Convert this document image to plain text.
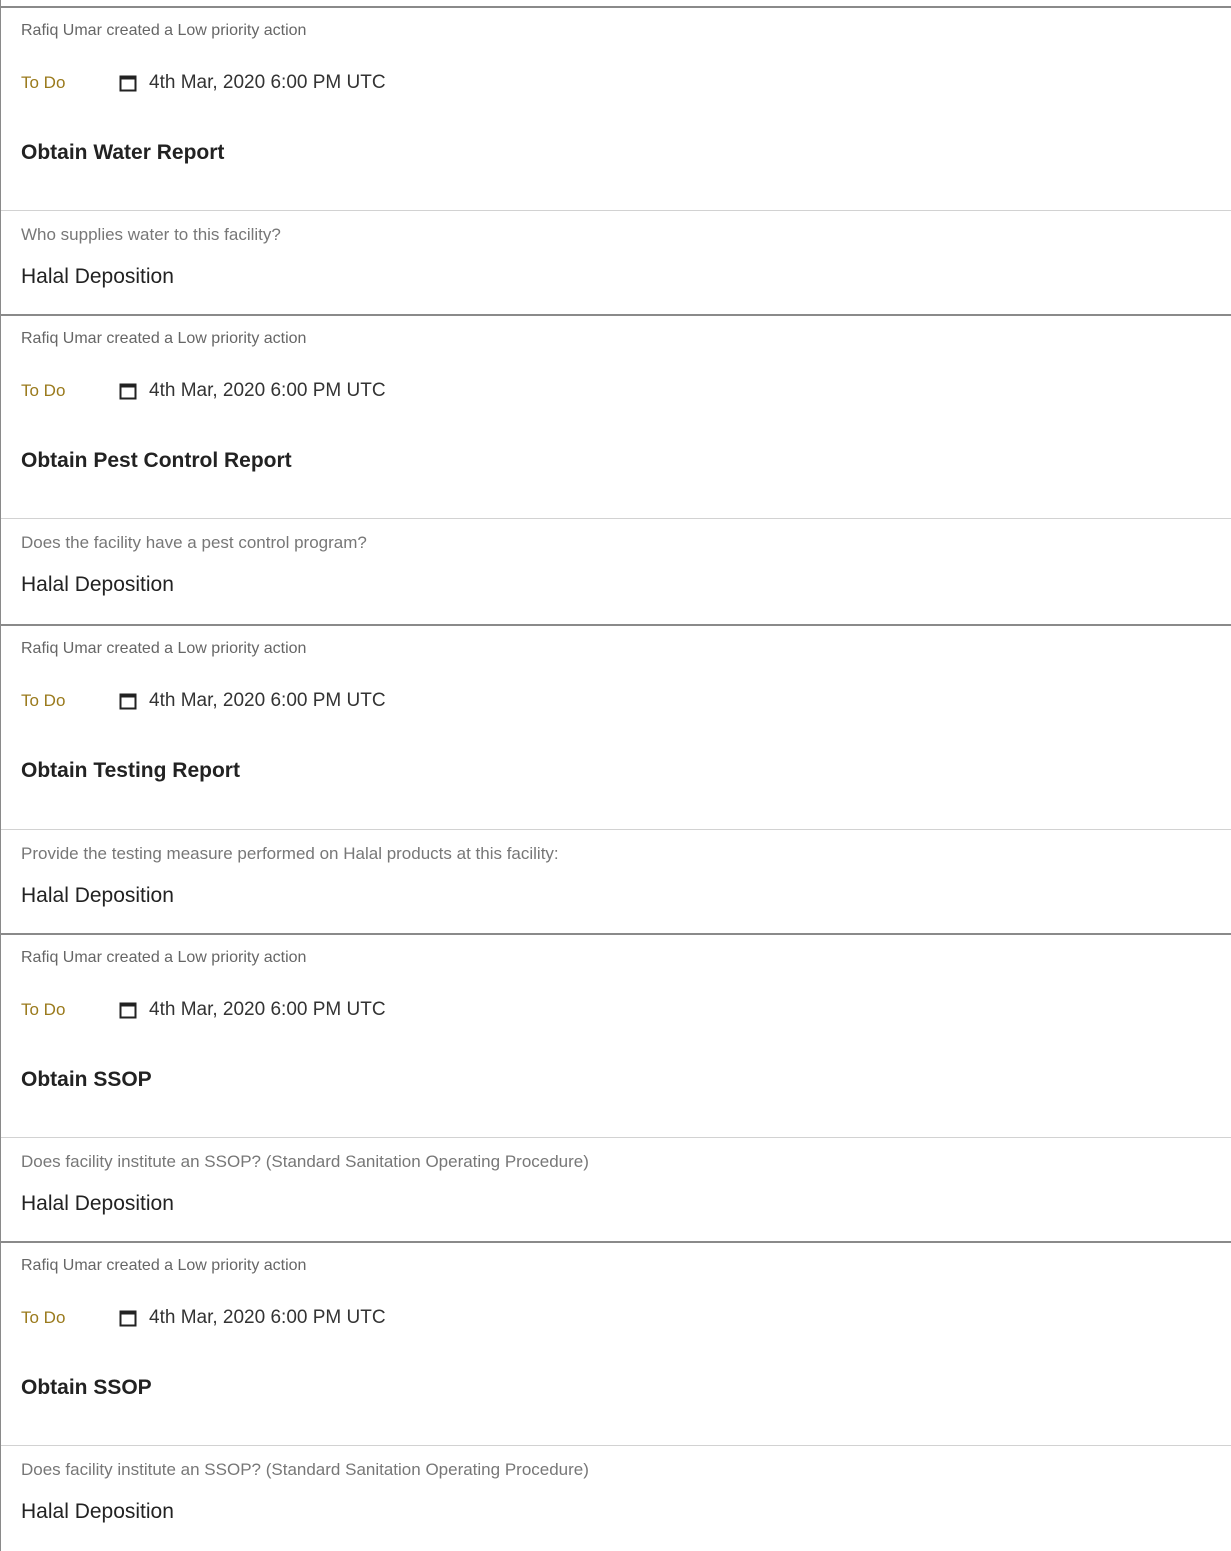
Rafiq Umar created a Low priority action
To Do	4th Mar, 2020 6:00 PM UTC
Obtain Water Report
Who supplies water to this facility?
Halal Deposition
Rafiq Umar created a Low priority action
To Do	4th Mar, 2020 6:00 PM UTC
Obtain Pest Control Report
Does the facility have a pest control program?
Halal Deposition
Rafiq Umar created a Low priority action
To Do	4th Mar, 2020 6:00 PM UTC
Obtain Testing Report
Provide the testing measure performed on Halal products at this facility:
Halal Deposition
Rafiq Umar created a Low priority action
To Do	4th Mar, 2020 6:00 PM UTC
Obtain SSOP
Does facility institute an SSOP? (Standard Sanitation Operating Procedure)
Halal Deposition
Rafiq Umar created a Low priority action
To Do	4th Mar, 2020 6:00 PM UTC
Obtain SSOP
Does facility institute an SSOP? (Standard Sanitation Operating Procedure)
Halal Deposition
